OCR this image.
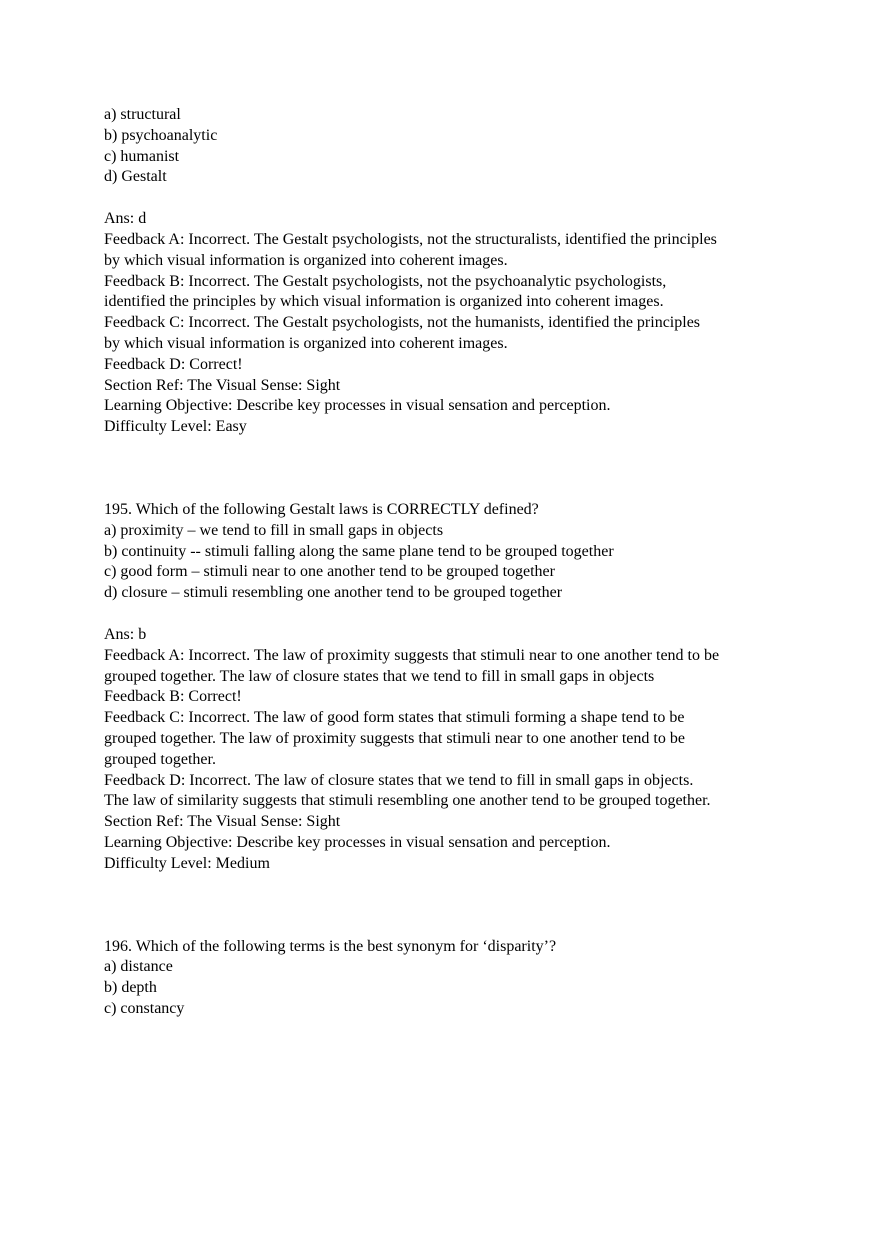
a) structural
b) psychoanalytic
c) humanist
d) Gestalt
Ans: d
Feedback A: Incorrect. The Gestalt psychologists, not the structuralists, identified the principles
by which visual information is organized into coherent images.
Feedback B: Incorrect. The Gestalt psychologists, not the psychoanalytic psychologists,
identified the principles by which visual information is organized into coherent images.
Feedback C: Incorrect. The Gestalt psychologists, not the humanists, identified the principles
by which visual information is organized into coherent images.
Feedback D: Correct!
Section Ref: The Visual Sense: Sight
Learning Objective: Describe key processes in visual sensation and perception.
Difficulty Level: Easy
195. Which of the following Gestalt laws is CORRECTLY defined?
a) proximity – we tend to fill in small gaps in objects
b) continuity -- stimuli falling along the same plane tend to be grouped together
c) good form – stimuli near to one another tend to be grouped together
d) closure – stimuli resembling one another tend to be grouped together
Ans: b
Feedback A: Incorrect. The law of proximity suggests that stimuli near to one another tend to be
grouped together. The law of closure states that we tend to fill in small gaps in objects
Feedback B: Correct!
Feedback C: Incorrect. The law of good form states that stimuli forming a shape tend to be
grouped together. The law of proximity suggests that stimuli near to one another tend to be
grouped together.
Feedback D: Incorrect. The law of closure states that we tend to fill in small gaps in objects.
The law of similarity suggests that stimuli resembling one another tend to be grouped together.
Section Ref: The Visual Sense: Sight
Learning Objective: Describe key processes in visual sensation and perception.
Difficulty Level: Medium
196. Which of the following terms is the best synonym for ‘disparity’?
a) distance
b) depth
c) constancy
